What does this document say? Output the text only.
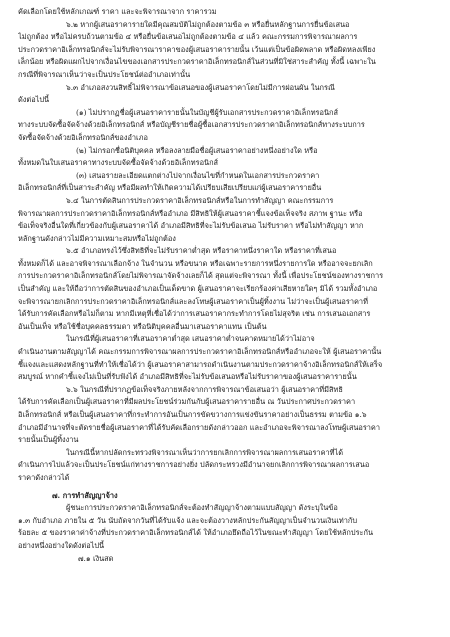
คัดเลือกโดยใช้หลักเกณฑ์ ราคา และจะพิจารณาจาก ราคารวม
๖.๒ หากผู้เสนอราคารายใดมีคุณสมบัติไม่ถูกต้องตามข้อ ๓ หรือยื่นหลักฐานการยื่นข้อเสนอ
ไม่ถูกต้อง หรือไม่ครบถ้วนตามข้อ ๔ หรือยื่นข้อเสนอไม่ถูกต้องตามข้อ ๔ แล้ว คณะกรรมการพิจารณาผลการ
ประกวดราคาอิเล็กทรอนิกส์จะไม่รับพิจารณาราคาของผู้เสนอราคารายนั้น เว้นแต่เป็นข้อผิดพลาด หรือผิดหลงเพียง
เล็กน้อย หรือผิดแผกไปจากเงื่อนไขของเอกสารประกวดราคาอิเล็กทรอนิกส์ในส่วนที่มิใช่สาระสำคัญ ทั้งนี้ เฉพาะใน
กรณีที่พิจารณาเห็นว่าจะเป็นประโยชน์ต่ออำเภอเท่านั้น
๖.๓ อำเภอสงวนสิทธิ์ไม่พิจารณาข้อเสนอของผู้เสนอราคาโดยไม่มีการผ่อนผัน ในกรณี
ดังต่อไปนี้
(๑) ไม่ปรากฏชื่อผู้เสนอราคารายนั้นในบัญชีผู้รับเอกสารประกวดราคาอิเล็กทรอนิกส์
ทางระบบจัดซื้อจัดจ้างด้วยอิเล็กทรอนิกส์ หรือบัญชีรายชื่อผู้ซื้อเอกสารประกวดราคาอิเล็กทรอนิกส์ทางระบบการ
จัดซื้อจัดจ้างด้วยอิเล็กทรอนิกส์ของอำเภอ
(๒) ไม่กรอกชื่อนิติบุคคล หรือลงลายมือชื่อผู้เสนอราคาอย่างหนึ่งอย่างใด หรือ
ทั้งหมดในใบเสนอราคาทางระบบจัดซื้อจัดจ้างด้วยอิเล็กทรอนิกส์
(๓) เสนอรายละเอียดแตกต่างไปจากเงื่อนไขที่กำหนดในเอกสารประกวดราคา
อิเล็กทรอนิกส์ที่เป็นสาระสำคัญ หรือมีผลทำให้เกิดความได้เปรียบเสียเปรียบแก่ผู้เสนอราคารายอื่น
๖.๔ ในการตัดสินการประกวดราคาอิเล็กทรอนิกส์หรือในการทำสัญญา คณะกรรมการ
พิจารณาผลการประกวดราคาอิเล็กทรอนิกส์หรืออำเภอ มีสิทธิให้ผู้เสนอราคาชี้แจงข้อเท็จจริง สภาพ ฐานะ หรือ
ข้อเท็จจริงอื่นใดที่เกี่ยวข้องกับผู้เสนอราคาได้ อำเภอมีสิทธิที่จะไม่รับข้อเสนอ ไม่รับราคา หรือไม่ทำสัญญา หาก
หลักฐานดังกล่าวไม่มีความเหมาะสมหรือไม่ถูกต้อง
๖.๕ อำเภอทรงไว้ซึ่งสิทธิที่จะไม่รับราคาต่ำสุด หรือราคาหนึ่งราคาใด หรือราคาที่เสนอ
ทั้งหมดก็ได้ และอาจพิจารณาเลือกจ้าง ในจำนวน หรือขนาด หรือเฉพาะรายการหนึ่งรายการใด หรืออาจจะยกเลิก
การประกวดราคาอิเล็กทรอนิกส์โดยไม่พิจารณาจัดจ้างเลยก็ได้ สุดแต่จะพิจารณา ทั้งนี้ เพื่อประโยชน์ของทางราชการ
เป็นสำคัญ และให้ถือว่าการตัดสินของอำเภอเป็นเด็ดขาด ผู้เสนอราคาจะเรียกร้องค่าเสียหายใดๆ มิได้ รวมทั้งอำเภอ
จะพิจารณายกเลิกการประกวดราคาอิเล็กทรอนิกส์และลงโทษผู้เสนอราคาเป็นผู้ทิ้งงาน ไม่ว่าจะเป็นผู้เสนอราคาที่
ได้รับการคัดเลือกหรือไม่ก็ตาม หากมีเหตุที่เชื่อได้ว่าการเสนอราคากระทำการโดยไม่สุจริต เช่น การเสนอเอกสาร
อันเป็นเท็จ หรือใช้ชื่อบุคคลธรรมดา หรือนิติบุคคลอื่นมาเสนอราคาแทน เป็นต้น
ในกรณีที่ผู้เสนอราคาที่เสนอราคาต่ำสุด เสนอราคาต่ำจนคาดหมายได้ว่าไม่อาจ
ดำเนินงานตามสัญญาได้ คณะกรรมการพิจารณาผลการประกวดราคาอิเล็กทรอนิกส์หรืออำเภอจะให้ ผู้เสนอราคานั้น
ชี้แจงและแสดงหลักฐานที่ทำให้เชื่อได้ว่า ผู้เสนอราคาสามารถดำเนินงานตามประกวดราคาจ้างอิเล็กทรอนิกส์ให้เสร็จ
สมบูรณ์ หากคำชี้แจงไม่เป็นที่รับฟังได้ อำเภอมีสิทธิที่จะไม่รับข้อเสนอหรือไม่รับราคาของผู้เสนอราคารายนั้น
๖.๖ ในกรณีที่ปรากฏข้อเท็จจริงภายหลังจากการพิจารณาข้อเสนอว่า ผู้เสนอราคาที่มีสิทธิ
ได้รับการคัดเลือกเป็นผู้เสนอราคาที่มีผลประโยชน์ร่วมกันกับผู้เสนอราคารายอื่น ณ วันประกาศประกวดราคา
อิเล็กทรอนิกส์ หรือเป็นผู้เสนอราคาที่กระทำการอันเป็นการขัดขวางการแข่งขันราคาอย่างเป็นธรรม ตามข้อ ๑.๖
อำเภอมีอำนาจที่จะตัดรายชื่อผู้เสนอราคาที่ได้รับคัดเลือกรายดังกล่าวออก และอำเภอจะพิจารณาลงโทษผู้เสนอราคา
รายนั้นเป็นผู้ทิ้งงาน
ในกรณีนี้หากปลัดกระทรวงพิจารณาเห็นว่าการยกเลิกการพิจารณาผลการเสนอราคาที่ได้
ดำเนินการไปแล้วจะเป็นประโยชน์แก่ทางราชการอย่างยิ่ง ปลัดกระทรวงมีอำนาจยกเลิกการพิจารณาผลการเสนอ
ราคาดังกล่าวได้
๗. การทำสัญญาจ้าง
ผู้ชนะการประกวดราคาอิเล็กทรอนิกส์จะต้องทำสัญญาจ้างตามแบบสัญญา ดังระบุในข้อ
๑.๓ กับอำเภอ ภายใน ๕ วัน นับถัดจากวันที่ได้รับแจ้ง และจะต้องวางหลักประกันสัญญาเป็นจำนวนเงินเท่ากับ
ร้อยละ ๕ ของราคาค่าจ้างที่ประกวดราคาอิเล็กทรอนิกส์ได้ ให้อำเภอยึดถือไว้ในขณะทำสัญญา โดยใช้หลักประกัน
อย่างหนึ่งอย่างใดดังต่อไปนี้
๗.๑ เงินสด
